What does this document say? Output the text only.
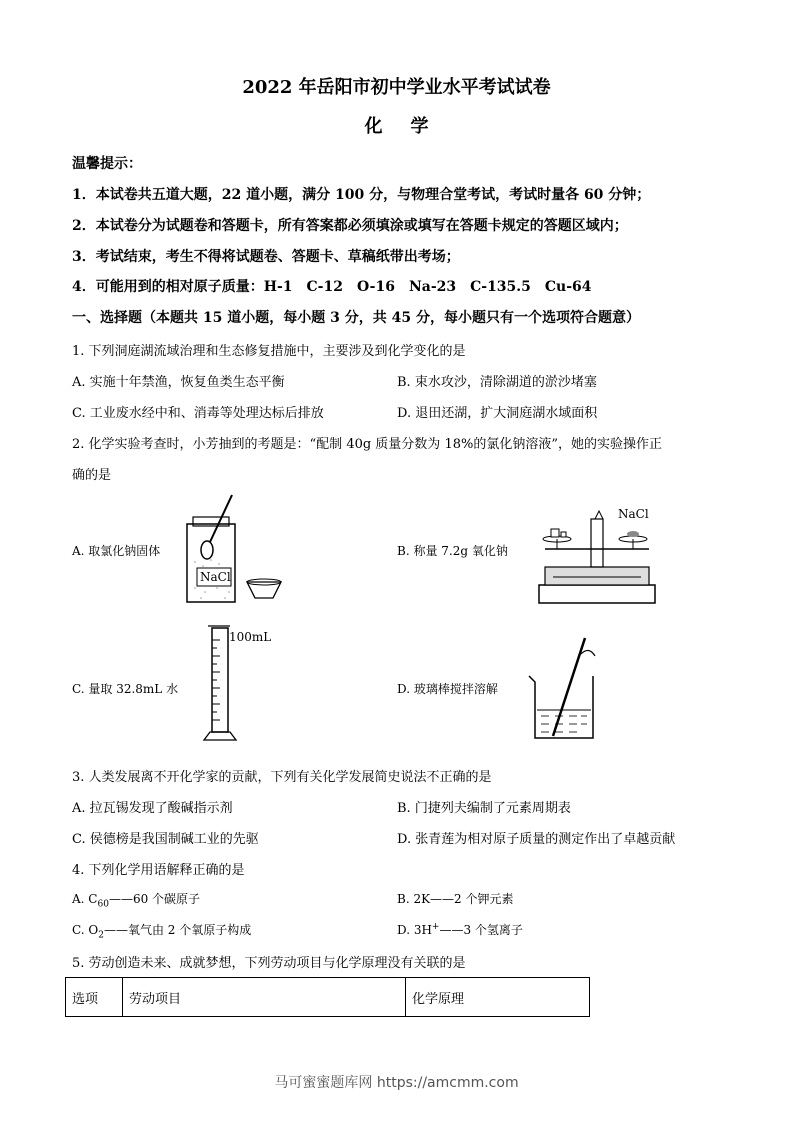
2022 年岳阳市初中学业水平考试试卷
化学
温馨提示：
1．本试卷共五道大题，22 道小题，满分 100 分，与物理合堂考试，考试时量各 60 分钟；
2．本试卷分为试题卷和答题卡，所有答案都必须填涂或填写在答题卡规定的答题区域内；
3．考试结束，考生不得将试题卷、答题卡、草稿纸带出考场；
4．可能用到的相对原子质量：H-1　C-12　O-16　Na-23　C-135.5　Cu-64
一、选择题（本题共 15 道小题，每小题 3 分，共 45 分，每小题只有一个选项符合题意）
1. 下列洞庭湖流域治理和生态修复措施中，主要涉及到化学变化的是
A. 实施十年禁渔，恢复鱼类生态平衡	B. 束水攻沙，清除湖道的淤沙堵塞
C. 工业废水经中和、消毒等处理达标后排放	D. 退田还湖，扩大洞庭湖水域面积
2. 化学实验考查时，小芳抽到的考题是：“配制 40g 质量分数为 18%的氯化钠溶液”，她的实验操作正
确的是
A. 取氯化钠固体
NaCl
B. 称量 7.2g 氧化钠
NaCl
C. 量取 32.8mL 水
100mL
D. 玻璃棒搅拌溶解
3. 人类发展离不开化学家的贡献，下列有关化学发展简史说法不正确的是
A. 拉瓦锡发现了酸碱指示剂	B. 门捷列夫编制了元素周期表
C. 侯德榜是我国制碱工业的先驱	D. 张青莲为相对原子质量的测定作出了卓越贡献
4. 下列化学用语解释正确的是
A. $C_{60}——60$ 个碳原子	B. 2K——2 个钾元素
C. $O_2——$氧气由 2 个氧原子构成	D. 3H+——3 个氢离子
5. 劳动创造未来、成就梦想，下列劳动项目与化学原理没有关联的是
选项	劳动项目	化学原理
马可蜜蜜题库网 https://amcmm.com
